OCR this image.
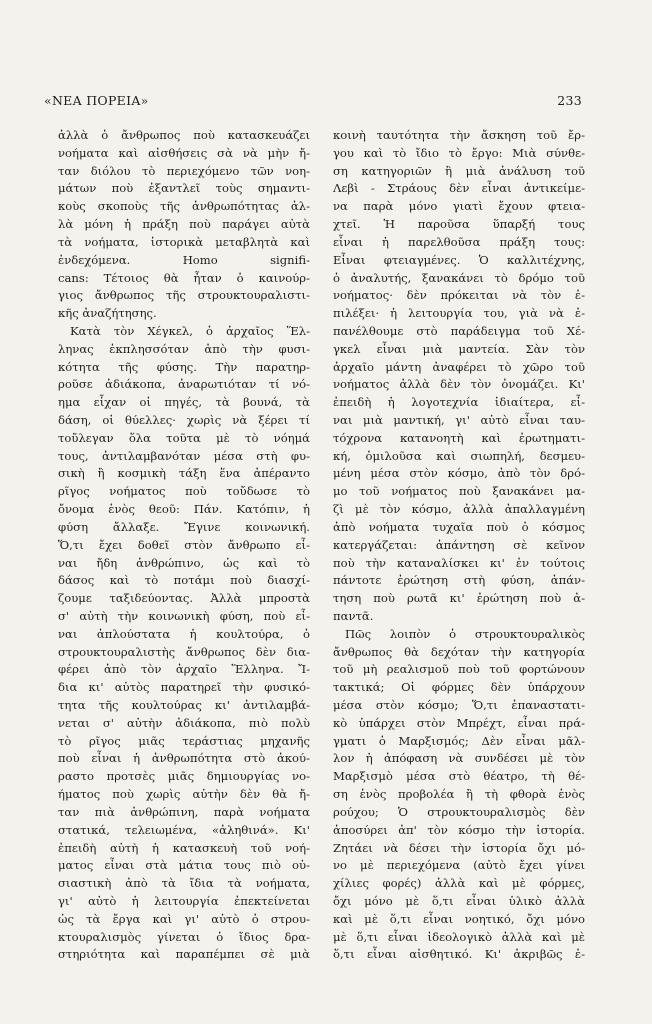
«ΝΕΑ ΠΟΡΕΙΑ»	233
ἀλλὰ ὁ ἄνθρωπος ποὺ κατασκευάζει
νοήματα καὶ αἰσθήσεις σὰ νὰ μὴν ἤ-
ταν διόλου τὸ περιεχόμενο τῶν νοη-
μάτων ποὺ ἐξαντλεῖ τοὺς σημαντι-
κοὺς σκοποὺς τῆς ἀνθρωπότητας ἀλ-
λὰ μόνη ἡ πράξη ποὺ παράγει αὐτὰ
τὰ νοήματα, ἱστορικὰ μεταβλητὰ καὶ
ἐνδεχόμενα. Homo signifi-
cans: Τέτοιος θὰ ἦταν ὁ καινούρ-
γιος ἄνθρωπος τῆς στρουκτουραλιστι-
κῆς ἀναζήτησης.
Κατὰ τὸν Χέγκελ, ὁ ἀρχαῖος Ἕλ-
ληνας ἐκπλησσόταν ἀπὸ τὴν φυσι-
κότητα τῆς φύσης. Τὴν παρατηρ-
ροῦσε ἀδιάκοπα, ἀναρωτιόταν τί νό-
ημα εἶχαν οἱ πηγές, τὰ βουνά, τὰ
δάση, οἱ θύελλες· χωρὶς νὰ ξέρει τί
τοὔλεγαν ὅλα τοῦτα μὲ τὸ νόημά
τους, ἀντιλαμβανόταν μέσα στὴ φυ-
σικὴ ἢ κοσμικὴ τάξη ἕνα ἀπέραντο
ρῖγος νοήματος ποὺ τοὔδωσε τὸ
ὄνομα ἑνὸς θεοῦ: Πάν. Κατόπιν, ἡ
φύση ἄλλαξε. Ἔγινε κοινωνική.
Ὅ,τι ἔχει δοθεῖ στὸν ἄνθρωπο εἶ-
ναι ἤδη ἀνθρώπινο, ὡς καὶ τὸ
δάσος καὶ τὸ ποτάμι ποὺ διασχί-
ζουμε ταξιδεύοντας. Ἀλλὰ μπροστὰ
σ' αὐτὴ τὴν κοινωνικὴ φύση, ποὺ εἶ-
ναι ἁπλούστατα ἡ κουλτούρα, ὁ
στρουκτουραλιστὴς ἄνθρωπος δὲν δια-
φέρει ἀπὸ τὸν ἀρχαῖο Ἕλληνα. Ἴ-
δια κι' αὐτὸς παρατηρεῖ τὴν φυσικό-
τητα τῆς κουλτούρας κι' ἀντιλαμβά-
νεται σ' αὐτὴν ἀδιάκοπα, πιὸ πολὺ
τὸ ρῖγος μιᾶς τεράστιας μηχανῆς
ποὺ εἶναι ἡ ἀνθρωπότητα στὸ ἀκού-
ραστο προτσὲς μιᾶς δημιουργίας νο-
ήματος ποὺ χωρὶς αὐτὴν δὲν θὰ ἤ-
ταν πιὰ ἀνθρώπινη, παρὰ νοήματα
στατικά, τελειωμένα, «ἀληθινά». Κι'
ἐπειδὴ αὐτὴ ἡ κατασκευὴ τοῦ νοή-
ματος εἶναι στὰ μάτια τους πιὸ οὐ-
σιαστικὴ ἀπὸ τὰ ἴδια τὰ νοήματα,
γι' αὐτὸ ἡ λειτουργία ἐπεκτείνεται
ὡς τὰ ἔργα καὶ γι' αὐτὸ ὁ στρου-
κτουραλισμὸς γίνεται ὁ ἴδιος δρα-
στηριότητα καὶ παραπέμπει σὲ μιὰ
κοινὴ ταυτότητα τὴν ἄσκηση τοῦ ἔρ-
γου καὶ τὸ ἴδιο τὸ ἔργο: Μιὰ σύνθε-
ση κατηγοριῶν ἢ μιὰ ἀνάλυση τοῦ
Λεβὶ - Στράους δὲν εἶναι ἀντικείμε-
να παρὰ μόνο γιατὶ ἔχουν φτεια-
χτεῖ. Ἡ παροῦσα ὕπαρξή τους
εἶναι ἡ παρελθοῦσα πράξη τους:
Εἶναι φτειαγμένες. Ὁ καλλιτέχνης,
ὁ ἀναλυτής, ξανακάνει τὸ δρόμο τοῦ
νοήματος· δὲν πρόκειται νὰ τὸν ἐ-
πιλέξει· ἡ λειτουργία του, γιὰ νὰ ἐ-
πανέλθουμε στὸ παράδειγμα τοῦ Χέ-
γκελ εἶναι μιὰ μαντεία. Σὰν τὸν
ἀρχαῖο μάντη ἀναφέρει τὸ χῶρο τοῦ
νοήματος ἀλλὰ δὲν τὸν ὀνομάζει. Κι'
ἐπειδὴ ἡ λογοτεχνία ἰδιαίτερα, εἶ-
ναι μιὰ μαντική, γι' αὐτὸ εἶναι ταυ-
τόχρονα κατανοητὴ καὶ ἐρωτηματι-
κή, ὁμιλοῦσα καὶ σιωπηλή, δεσμευ-
μένη μέσα στὸν κόσμο, ἀπὸ τὸν δρό-
μο τοῦ νοήματος ποὺ ξανακάνει μα-
ζὶ μὲ τὸν κόσμο, ἀλλὰ ἀπαλλαγμένη
ἀπὸ νοήματα τυχαῖα ποὺ ὁ κόσμος
κατεργάζεται: ἀπάντηση σὲ κεῖνον
ποὺ τὴν καταναλίσκει κι' ἐν τούτοις
πάντοτε ἐρώτηση στὴ φύση, ἀπάν-
τηση ποὺ ρωτᾶ κι' ἐρώτηση ποὺ ἀ-
παντᾶ.
Πῶς λοιπὸν ὁ στρουκτουραλικὸς
ἄνθρωπος θὰ δεχόταν τὴν κατηγορία
τοῦ μὴ ρεαλισμοῦ ποὺ τοῦ φορτώνουν
τακτικά; Οἱ φόρμες δὲν ὑπάρχουν
μέσα στὸν κόσμο; Ὅ,τι ἐπαναστατι-
κὸ ὑπάρχει στὸν Μπρέχτ, εἶναι πρά-
γματι ὁ Μαρξισμός; Δὲν εἶναι μᾶλ-
λον ἡ ἀπόφαση νὰ συνδέσει μὲ τὸν
Μαρξισμὸ μέσα στὸ θέατρο, τὴ θέ-
ση ἑνὸς προβολέα ἢ τὴ φθορὰ ἑνὸς
ρούχου; Ὁ στρουκτουραλισμὸς δὲν
ἀποσύρει ἀπ' τὸν κόσμο τὴν ἱστορία.
Ζητάει νὰ δέσει τὴν ἱστορία ὄχι μό-
νο μὲ περιεχόμενα (αὐτὸ ἔχει γίνει
χίλιες φορές) ἀλλὰ καὶ μὲ φόρμες,
ὄχι μόνο μὲ ὅ,τι εἶναι ὑλικὸ ἀλλὰ
καὶ μὲ ὅ,τι εἶναι νοητικό, ὄχι μόνο
μὲ ὅ,τι εἶναι ἰδεολογικὸ ἀλλὰ καὶ μὲ
ὅ,τι εἶναι αἰσθητικό. Κι' ἀκριβῶς ἐ-
